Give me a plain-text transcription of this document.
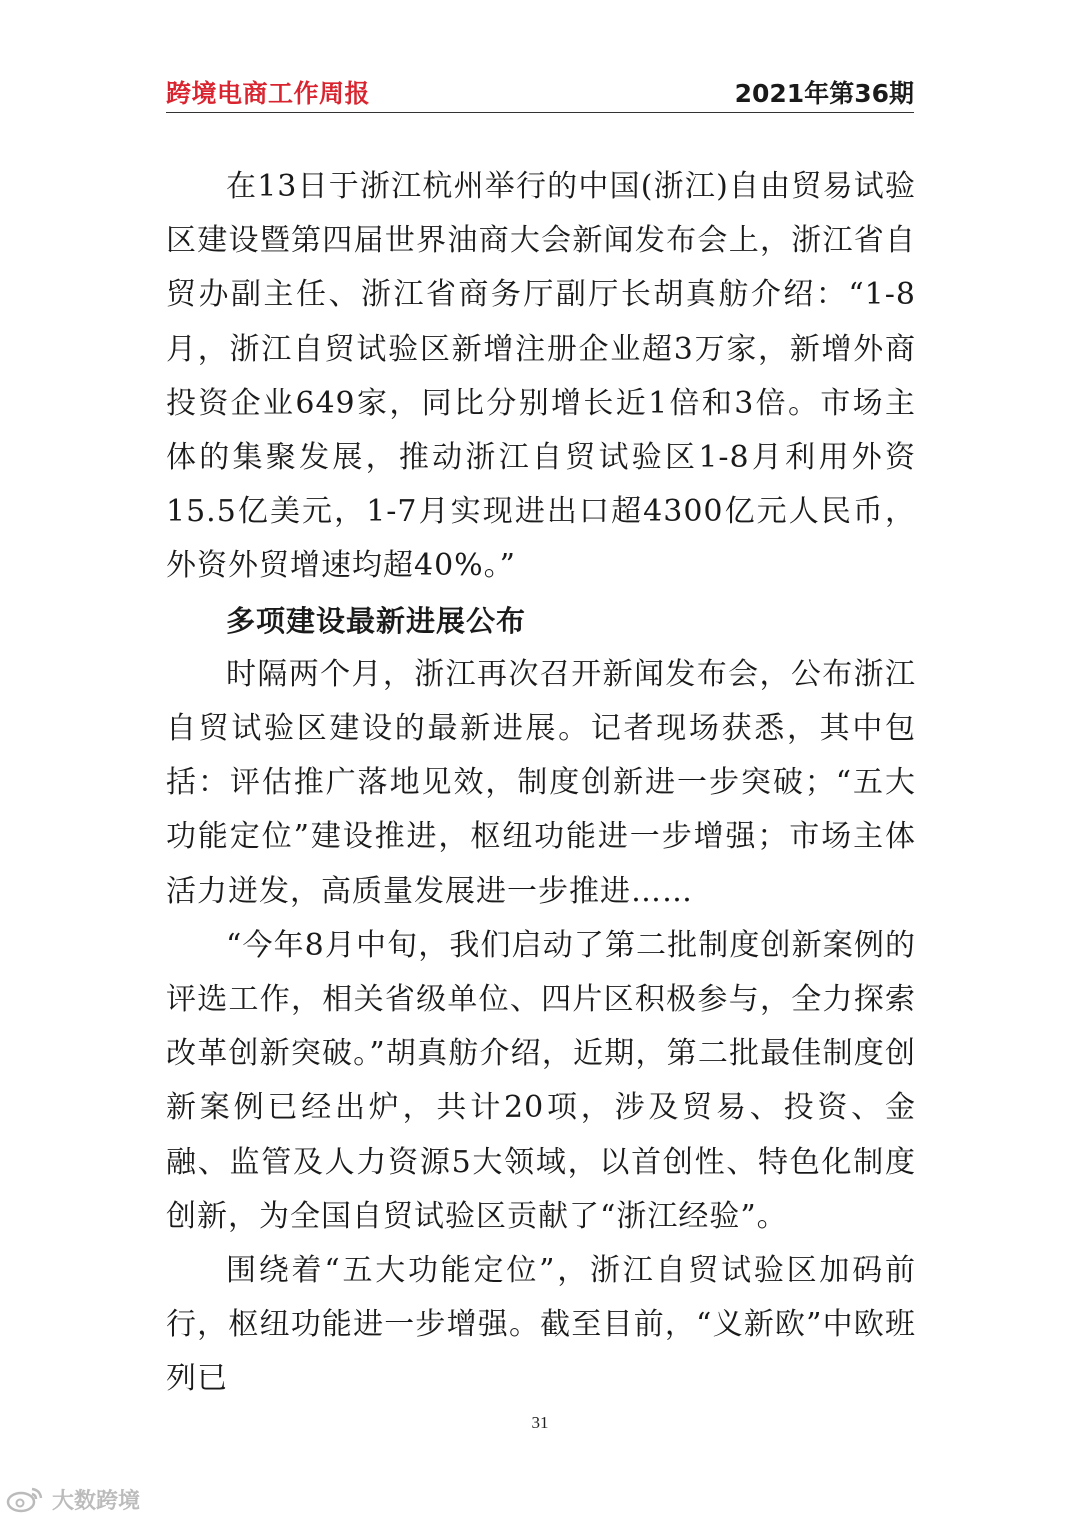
跨境电商工作周报	2021年第36期

在13日于浙江杭州举行的中国(浙江)自由贸易试验区建设暨第四届世界油商大会新闻发布会上，浙江省自贸办副主任、浙江省商务厅副厅长胡真舫介绍：“1-8月，浙江自贸试验区新增注册企业超3万家，新增外商投资企业649家，同比分别增长近1倍和3倍。市场主体的集聚发展，推动浙江自贸试验区1-8月利用外资15.5亿美元，1-7月实现进出口超4300亿元人民币，外资外贸增速均超40%。”

多项建设最新进展公布

时隔两个月，浙江再次召开新闻发布会，公布浙江自贸试验区建设的最新进展。记者现场获悉，其中包括：评估推广落地见效，制度创新进一步突破；“五大功能定位”建设推进，枢纽功能进一步增强；市场主体活力迸发，高质量发展进一步推进……

“今年8月中旬，我们启动了第二批制度创新案例的评选工作，相关省级单位、四片区积极参与，全力探索改革创新突破。”胡真舫介绍，近期，第二批最佳制度创新案例已经出炉，共计20项，涉及贸易、投资、金融、监管及人力资源5大领域，以首创性、特色化制度创新，为全国自贸试验区贡献了“浙江经验”。

围绕着“五大功能定位”，浙江自贸试验区加码前行，枢纽功能进一步增强。截至目前，“义新欧”中欧班列已

31
大数跨境
